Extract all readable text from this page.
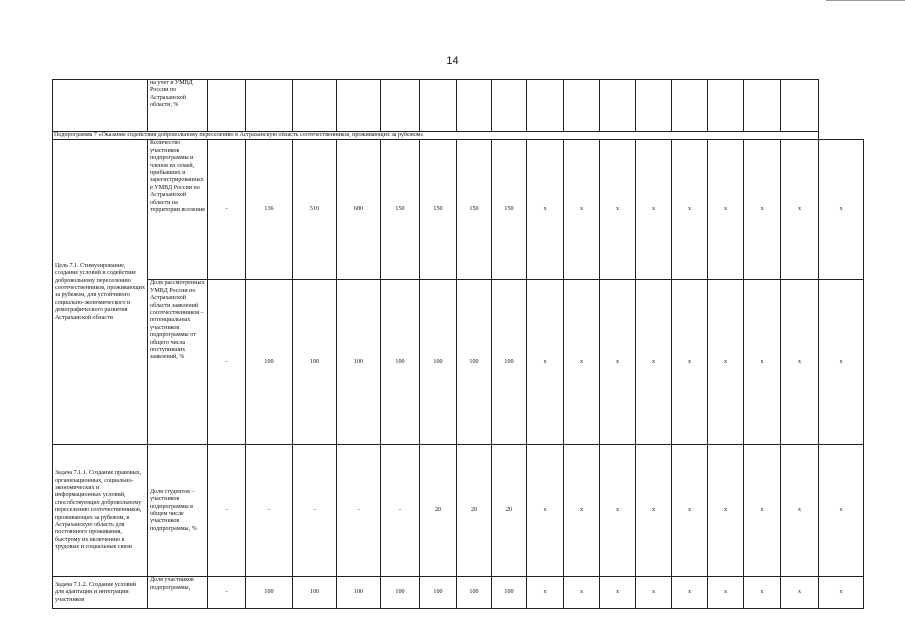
14
	на учет в УМВД России по Астраханской области, %																	
Подпрограмма 7 «Оказание содействия добровольному переселению в Астраханскую область соотечественников, проживающих за рубежом»																		
Цель 7.1. Стимулирование, создание условий и содействие добровольному переселению соотечественников, проживающих за рубежом, для устойчивого социально-экономического и демографического развития Астраханской области	Количество участников подпрограммы и членов их семей, прибывших и зарегистрированных в УМВД России по Астраханской области на территории вселения	-	136	510	680	150	150	150	150	x	x	x	x	x	x	x	x	x
	Доля рассмотренных УМВД России по Астраханской области заявлений соотечественников – потенциальных участников подпрограммы от общего числа поступивших заявлений, %	-	100	100	100	100	100	100	100	x	x	x	x	x	x	x	x	x
Задача 7.1.1. Создание правовых, организационных, социально-экономических и информационных условий, способствующих добровольному переселению соотечественников, проживающих за рубежом, в Астраханскую область для постоянного проживания, быстрому их включению в трудовые и социальные связи	Доля студентов – участников подпрограммы в общем числе участников подпрограммы, %	-	-	-	-	-	20	20	20	x	x	x	x	x	x	x	x	x
Задача 7.1.2. Создание условий для адаптации и интеграции участников	Доля участников подпрограммы,	-	100	100	100	100	100	100	100	x	x	x	x	x	x	x	x	x
